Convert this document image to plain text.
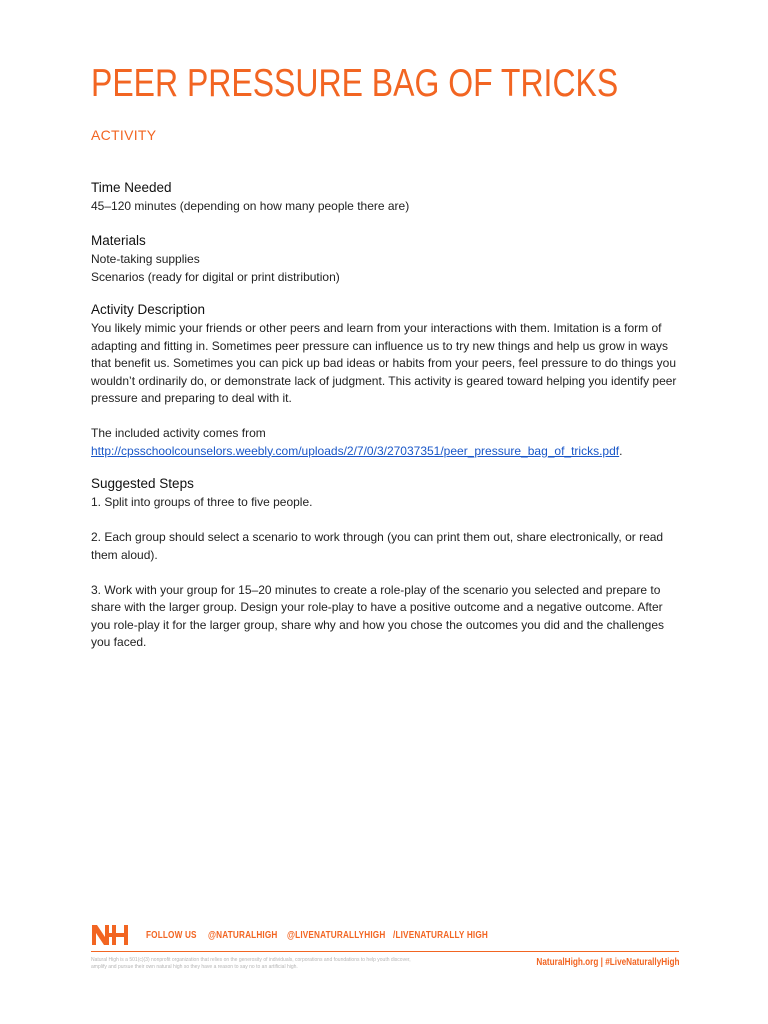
PEER PRESSURE BAG OF TRICKS
ACTIVITY
Time Needed

45–120 minutes (depending on how many people there are)

Materials

Note-taking supplies

Scenarios (ready for digital or print distribution)

Activity Description

You likely mimic your friends or other peers and learn from your interactions with them. Imitation is a form of adapting and fitting in. Sometimes peer pressure can influence us to try new things and help us grow in ways that benefit us. Sometimes you can pick up bad ideas or habits from your peers, feel pressure to do things you wouldn’t ordinarily do, or demonstrate lack of judgment. This activity is geared toward helping you identify peer pressure and preparing to deal with it.

The included activity comes from

http://cpsschoolcounselors.weebly.com/uploads/2/7/0/3/27037351/peer_pressure_bag_of_tricks.pdf.

Suggested Steps

1. Split into groups of three to five people.

2. Each group should select a scenario to work through (you can print them out, share electronically, or read them aloud).

3. Work with your group for 15–20 minutes to create a role-play of the scenario you selected and prepare to share with the larger group. Design your role-play to have a positive outcome and a negative outcome. After you role-play it for the larger group, share why and how you chose the outcomes you did and the challenges you faced.

FOLLOW US @NATURALHIGH @LIVENATURALLYHIGH /LIVENATURALLY HIGH
Natural High is a 501(c)(3) nonprofit organization that relies on the generosity of individuals, corporations and foundations to help youth discover, amplify and pursue their own natural high so they have a reason to say no to an artificial high.	NaturalHigh.org | #LiveNaturallyHigh
